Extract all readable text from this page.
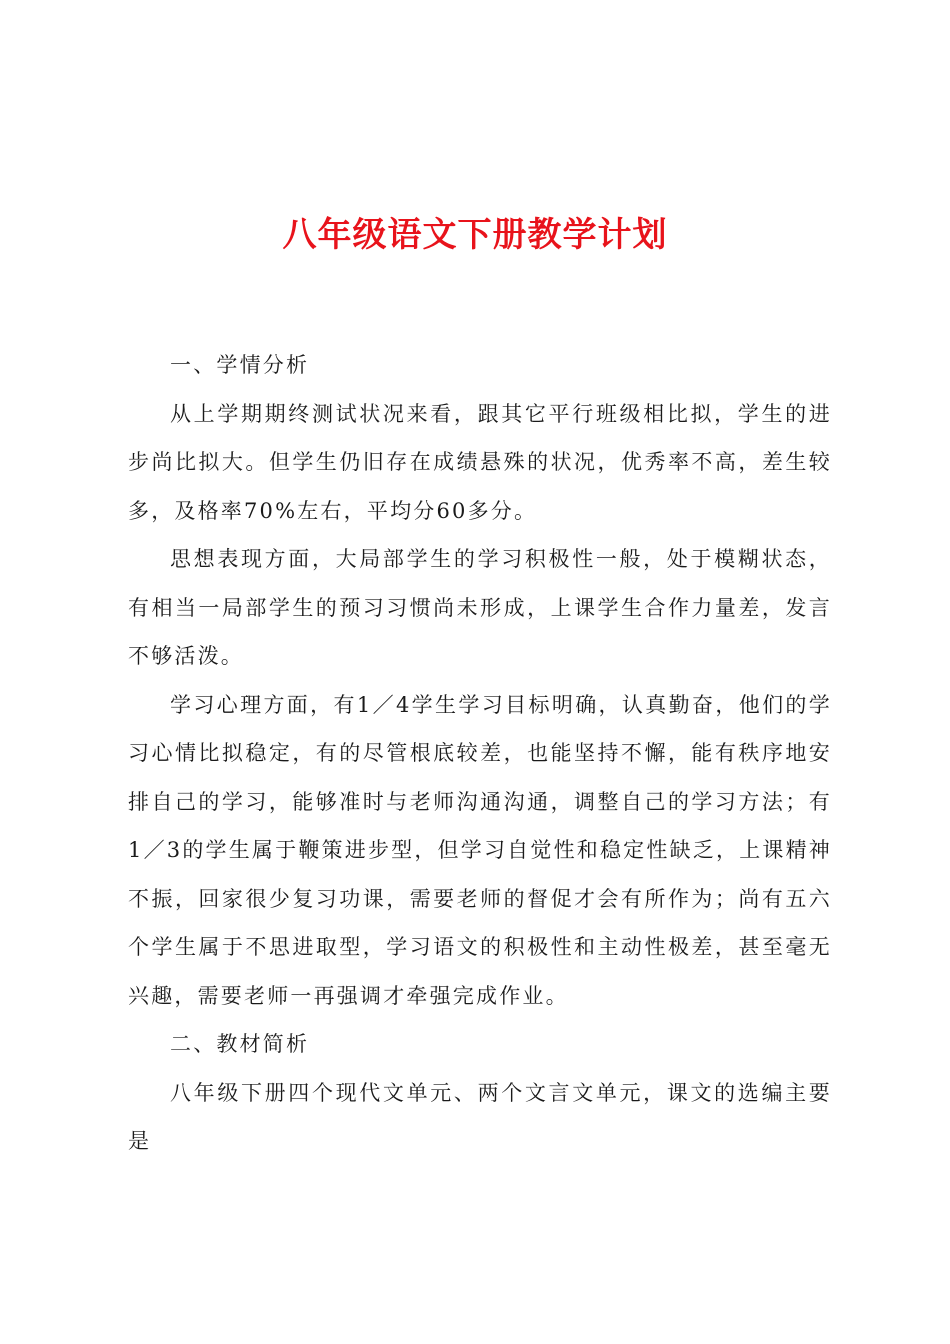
八年级语文下册教学计划

一、学情分析

从上学期期终测试状况来看，跟其它平行班级相比拟，学生的进步尚比拟大。但学生仍旧存在成绩悬殊的状况，优秀率不高，差生较多，及格率70%左右，平均分60多分。

思想表现方面，大局部学生的学习积极性一般，处于模糊状态，有相当一局部学生的预习习惯尚未形成，上课学生合作力量差，发言不够活泼。

学习心理方面，有1／4学生学习目标明确，认真勤奋，他们的学习心情比拟稳定，有的尽管根底较差，也能坚持不懈，能有秩序地安排自己的学习，能够准时与老师沟通沟通，调整自己的学习方法；有1／3的学生属于鞭策进步型，但学习自觉性和稳定性缺乏，上课精神不振，回家很少复习功课，需要老师的督促才会有所作为；尚有五六个学生属于不思进取型，学习语文的积极性和主动性极差，甚至毫无兴趣，需要老师一再强调才牵强完成作业。

二、教材简析

八年级下册四个现代文单元、两个文言文单元，课文的选编主要是
